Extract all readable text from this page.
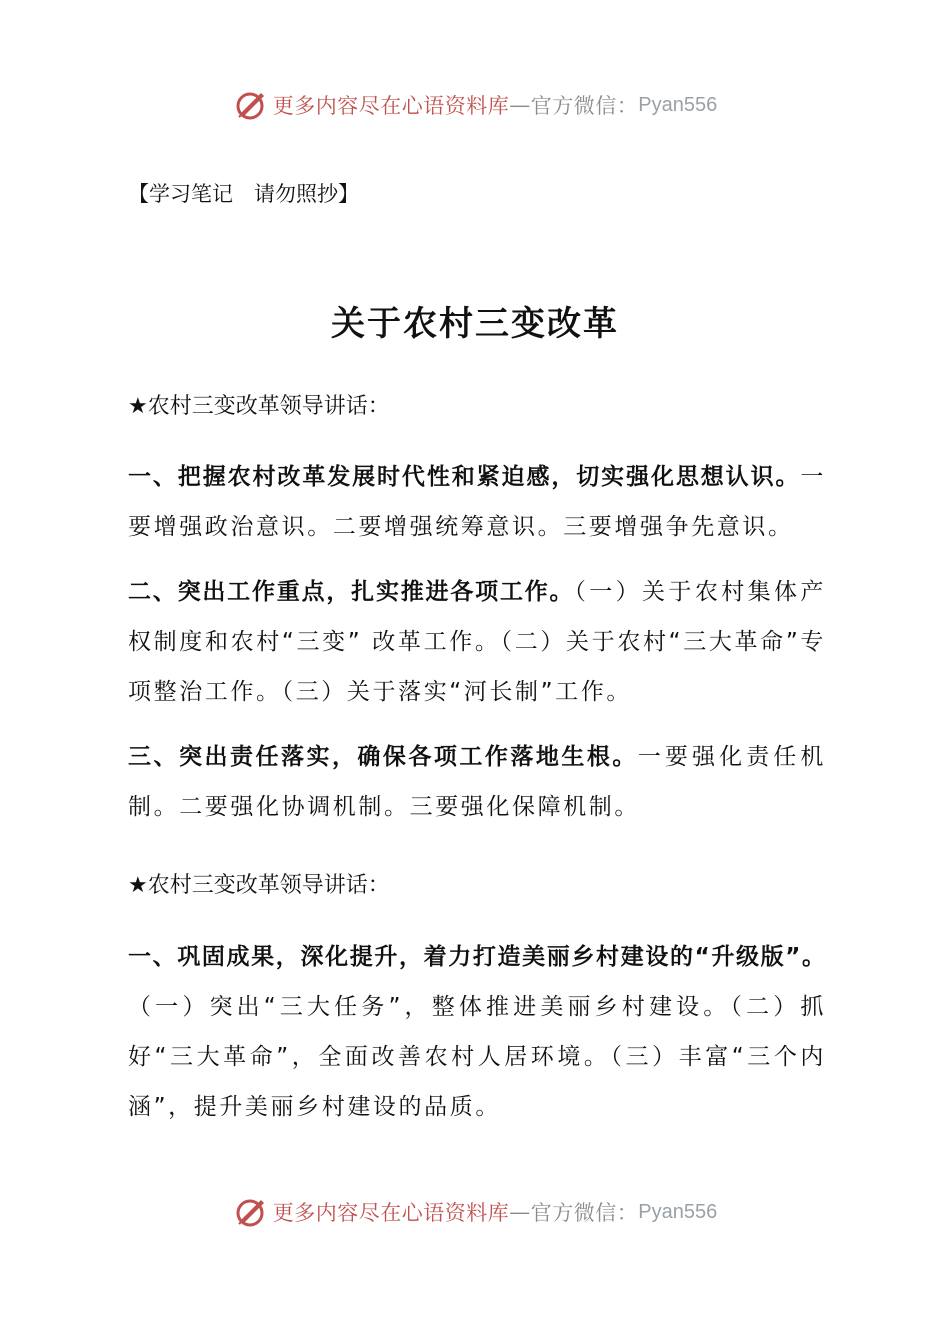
更多内容尽在心语资料库 — 官方微信： Pyan556
【学习笔记　请勿照抄】
关于农村三变改革
★农村三变改革领导讲话：
一、把握农村改革发展时代性和紧迫感，切实强化思想认识。一要增强政治意识。二要增强统筹意识。三要增强争先意识。
二、突出工作重点，扎实推进各项工作。（一）关于农村集体产权制度和农村“三变” 改革工作。（二）关于农村“三大革命”专项整治工作。（三）关于落实“河长制”工作。
三、突出责任落实，确保各项工作落地生根。一要强化责任机制。二要强化协调机制。三要强化保障机制。
★农村三变改革领导讲话：
一、巩固成果，深化提升，着力打造美丽乡村建设的“升级版”。（一）突出“三大任务”，整体推进美丽乡村建设。（二）抓好“三大革命”，全面改善农村人居环境。（三）丰富“三个内涵”，提升美丽乡村建设的品质。
更多内容尽在心语资料库 — 官方微信： Pyan556
